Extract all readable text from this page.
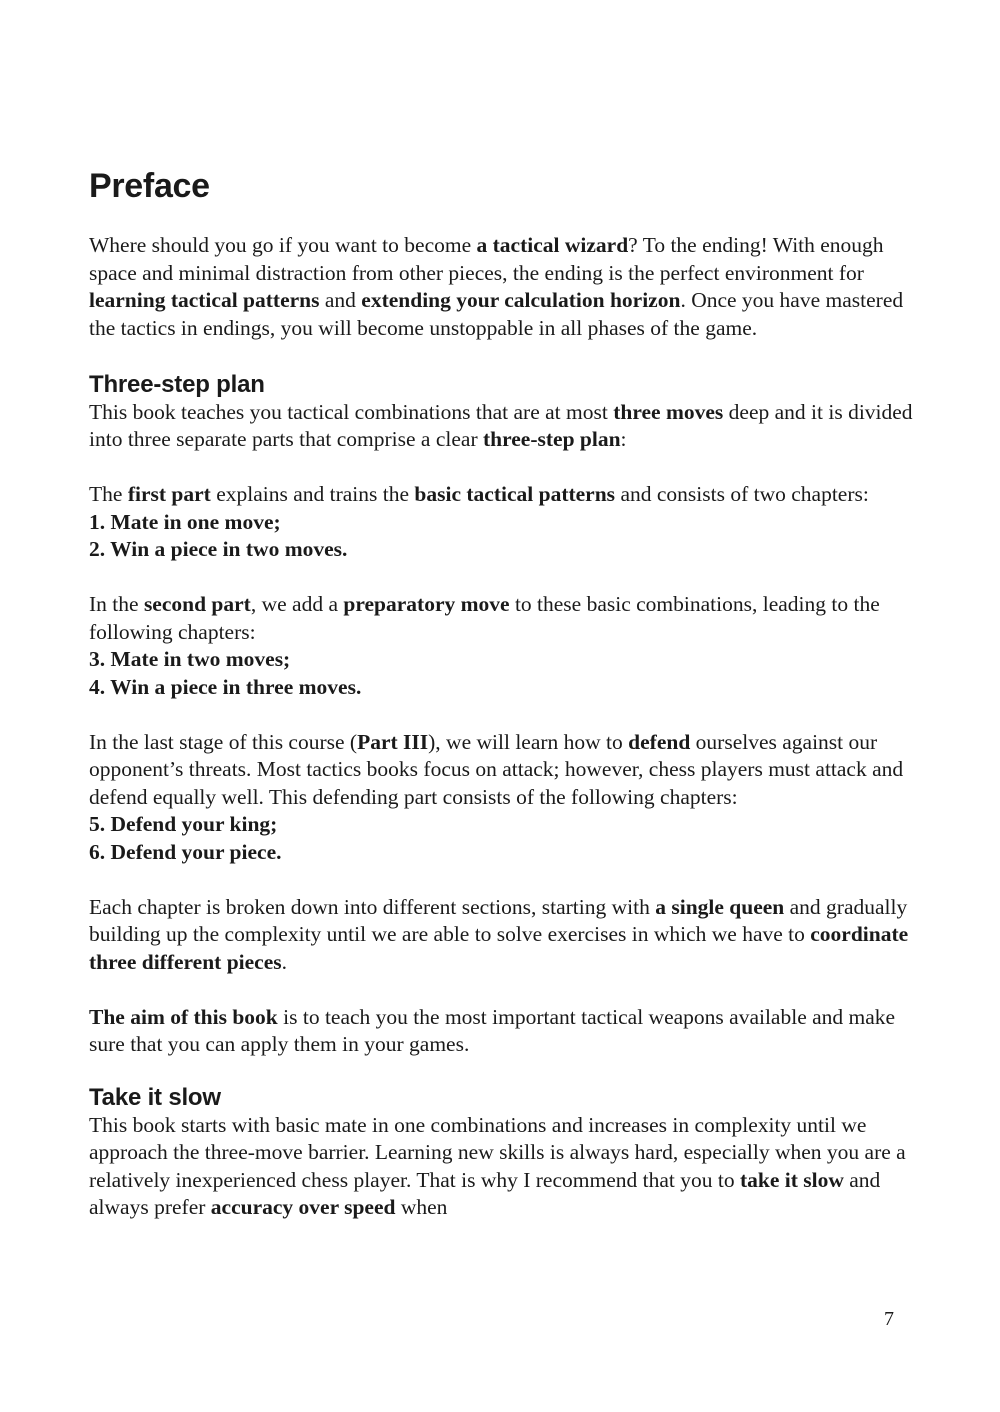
Preface

Where should you go if you want to become a tactical wizard? To the ending! With enough space and minimal distraction from other pieces, the ending is the perfect environment for learning tactical patterns and extending your calculation horizon. Once you have mastered the tactics in endings, you will become unstoppable in all phases of the game.

Three-step plan

This book teaches you tactical combinations that are at most three moves deep and it is divided into three separate parts that comprise a clear three-step plan:

The first part explains and trains the basic tactical patterns and consists of two chapters:

1. Mate in one move;
2. Win a piece in two moves.

In the second part, we add a preparatory move to these basic combinations, leading to the following chapters:

3. Mate in two moves;
4. Win a piece in three moves.

In the last stage of this course (Part III), we will learn how to defend ourselves against our opponent’s threats. Most tactics books focus on attack; however, chess players must attack and defend equally well. This defending part consists of the following chapters:

5. Defend your king;
6. Defend your piece.

Each chapter is broken down into different sections, starting with a single queen and gradually building up the complexity until we are able to solve exercises in which we have to coordinate three different pieces.

The aim of this book is to teach you the most important tactical weapons available and make sure that you can apply them in your games.

Take it slow

This book starts with basic mate in one combinations and increases in complexity until we approach the three-move barrier. Learning new skills is always hard, especially when you are a relatively inexperienced chess player. That is why I recommend that you to take it slow and always prefer accuracy over speed when

7
